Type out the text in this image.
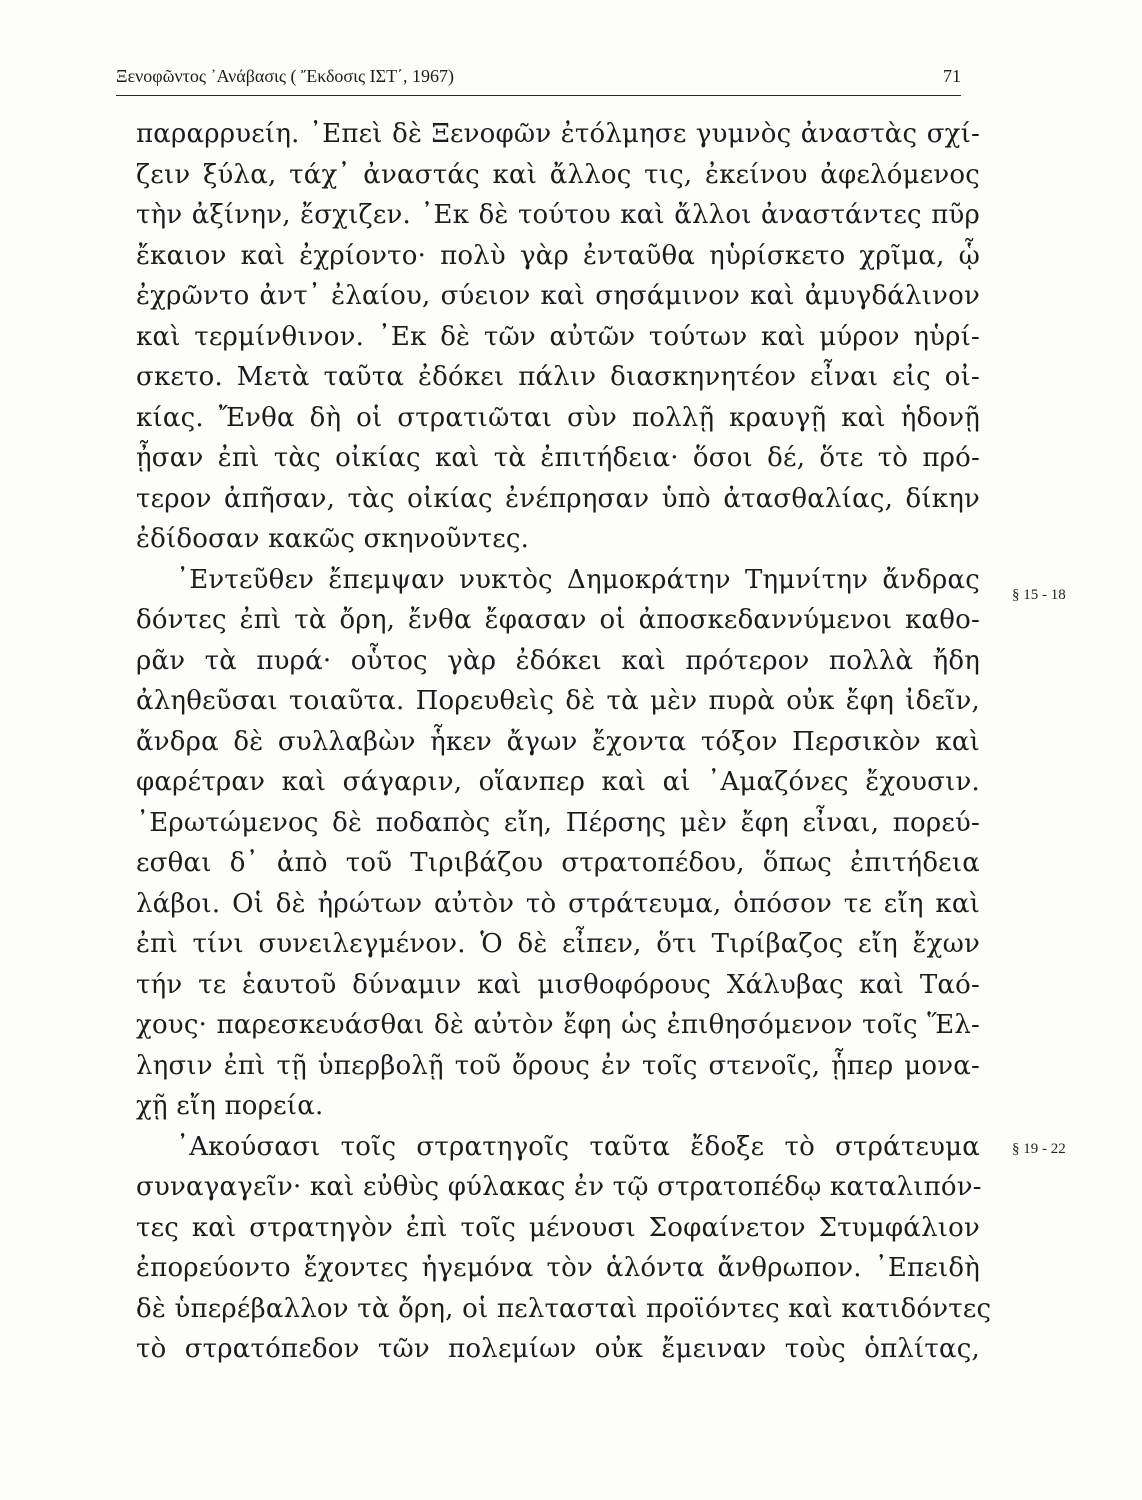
Ξενοφῶντος ᾽Ανάβασις ( Ἔκδοσις ΙΣΤ΄, 1967)	71
παραρρυείη. ᾽Επεὶ δὲ Ξενοφῶν ἐτόλμησε γυμνὸς ἀναστὰς σχί-
ζειν ξύλα, τάχ᾽ ἀναστάς καὶ ἄλλος τις, ἐκείνου ἀφελόμενος
τὴν ἀξίνην, ἔσχιζεν. ᾽Εκ δὲ τούτου καὶ ἄλλοι ἀναστάντες πῦρ
ἔκαιον καὶ ἐχρίοντο· πολὺ γὰρ ἐνταῦθα ηὑρίσκετο χρῖμα, ᾧ
ἐχρῶντο ἀντ᾽ ἐλαίου, σύειον καὶ σησάμινον καὶ ἀμυγδάλινον
καὶ τερμίνθινον. ᾽Εκ δὲ τῶν αὐτῶν τούτων καὶ μύρον ηὑρί-
σκετο. Μετὰ ταῦτα ἐδόκει πάλιν διασκηνητέον εἶναι εἰς οἰ-
κίας. Ἔνθα δὴ οἱ στρατιῶται σὺν πολλῇ κραυγῇ καὶ ἡδονῇ
ᾖσαν ἐπὶ τὰς οἰκίας καὶ τὰ ἐπιτήδεια· ὅσοι δέ, ὅτε τὸ πρό-
τερον ἀπῆσαν, τὰς οἰκίας ἐνέπρησαν ὑπὸ ἀτασθαλίας, δίκην
ἐδίδοσαν κακῶς σκηνοῦντες.
᾽Εντεῦθεν ἔπεμψαν νυκτὸς Δημοκράτην Τημνίτην ἄνδρας
δόντες ἐπὶ τὰ ὄρη, ἔνθα ἔφασαν οἱ ἀποσκεδαννύμενοι καθο-
ρᾶν τὰ πυρά· οὗτος γὰρ ἐδόκει καὶ πρότερον πολλὰ ἤδη
ἀληθεῦσαι τοιαῦτα. Πορευθεὶς δὲ τὰ μὲν πυρὰ οὐκ ἔφη ἰδεῖν,
ἄνδρα δὲ συλλαβὼν ἧκεν ἄγων ἔχοντα τόξον Περσικὸν καὶ
φαρέτραν καὶ σάγαριν, οἵανπερ καὶ αἱ ᾽Αμαζόνες ἔχουσιν.
᾽Ερωτώμενος δὲ ποδαπὸς εἴη, Πέρσης μὲν ἔφη εἶναι, πορεύ-
εσθαι δ᾽ ἀπὸ τοῦ Τιριβάζου στρατοπέδου, ὅπως ἐπιτήδεια
λάβοι. Οἱ δὲ ἠρώτων αὐτὸν τὸ στράτευμα, ὁπόσον τε εἴη καὶ
ἐπὶ τίνι συνειλεγμένον. Ὁ δὲ εἶπεν, ὅτι Τιρίβαζος εἴη ἔχων
τήν τε ἑαυτοῦ δύναμιν καὶ μισθοφόρους Χάλυβας καὶ Ταό-
χους· παρεσκευάσθαι δὲ αὐτὸν ἔφη ὡς ἐπιθησόμενον τοῖς Ἕλ-
λησιν ἐπὶ τῇ ὑπερβολῇ τοῦ ὄρους ἐν τοῖς στενοῖς, ᾗπερ μονα-
χῇ εἴη πορεία.
᾽Ακούσασι τοῖς στρατηγοῖς ταῦτα ἔδοξε τὸ στράτευμα
συναγαγεῖν· καὶ εὐθὺς φύλακας ἐν τῷ στρατοπέδῳ καταλιπόν-
τες καὶ στρατηγὸν ἐπὶ τοῖς μένουσι Σοφαίνετον Στυμφάλιον
ἐπορεύοντο ἔχοντες ἡγεμόνα τὸν ἁλόντα ἄνθρωπον. ᾽Επειδὴ
δὲ ὑπερέβαλλον τὰ ὄρη, οἱ πελτασταὶ προϊόντες καὶ κατιδόντες
τὸ στρατόπεδον τῶν πολεμίων οὐκ ἔμειναν τοὺς ὁπλίτας,
§ 15 - 18
§ 19 - 22
